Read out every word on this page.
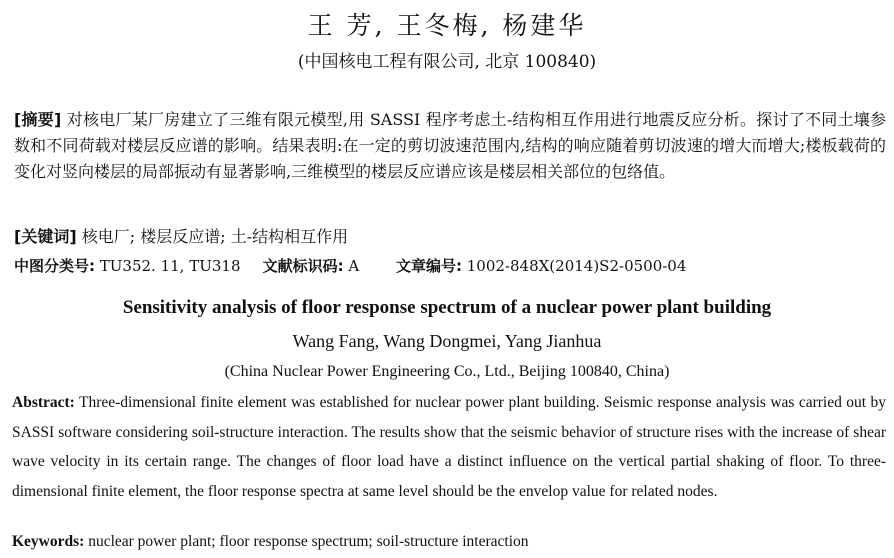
王 芳, 王冬梅, 杨建华
(中国核电工程有限公司, 北京 100840)
[摘要] 对核电厂某厂房建立了三维有限元模型,用 SASSI 程序考虑土-结构相互作用进行地震反应分析。探讨了不同土壤参数和不同荷载对楼层反应谱的影响。结果表明:在一定的剪切波速范围内,结构的响应随着剪切波速的增大而增大;楼板载荷的变化对竖向楼层的局部振动有显著影响,三维模型的楼层反应谱应该是楼层相关部位的包络值。
[关键词] 核电厂; 楼层反应谱; 土-结构相互作用
中图分类号: TU352. 11, TU318 文献标识码: A 文章编号: 1002-848X(2014)S2-0500-04
Sensitivity analysis of floor response spectrum of a nuclear power plant building
Wang Fang, Wang Dongmei, Yang Jianhua
(China Nuclear Power Engineering Co., Ltd., Beijing 100840, China)
Abstract: Three-dimensional finite element was established for nuclear power plant building. Seismic response analysis was carried out by SASSI software considering soil-structure interaction. The results show that the seismic behavior of structure rises with the increase of shear wave velocity in its certain range. The changes of floor load have a distinct influence on the vertical partial shaking of floor. To three-dimensional finite element, the floor response spectra at same level should be the envelop value for related nodes.
Keywords: nuclear power plant; floor response spectrum; soil-structure interaction
